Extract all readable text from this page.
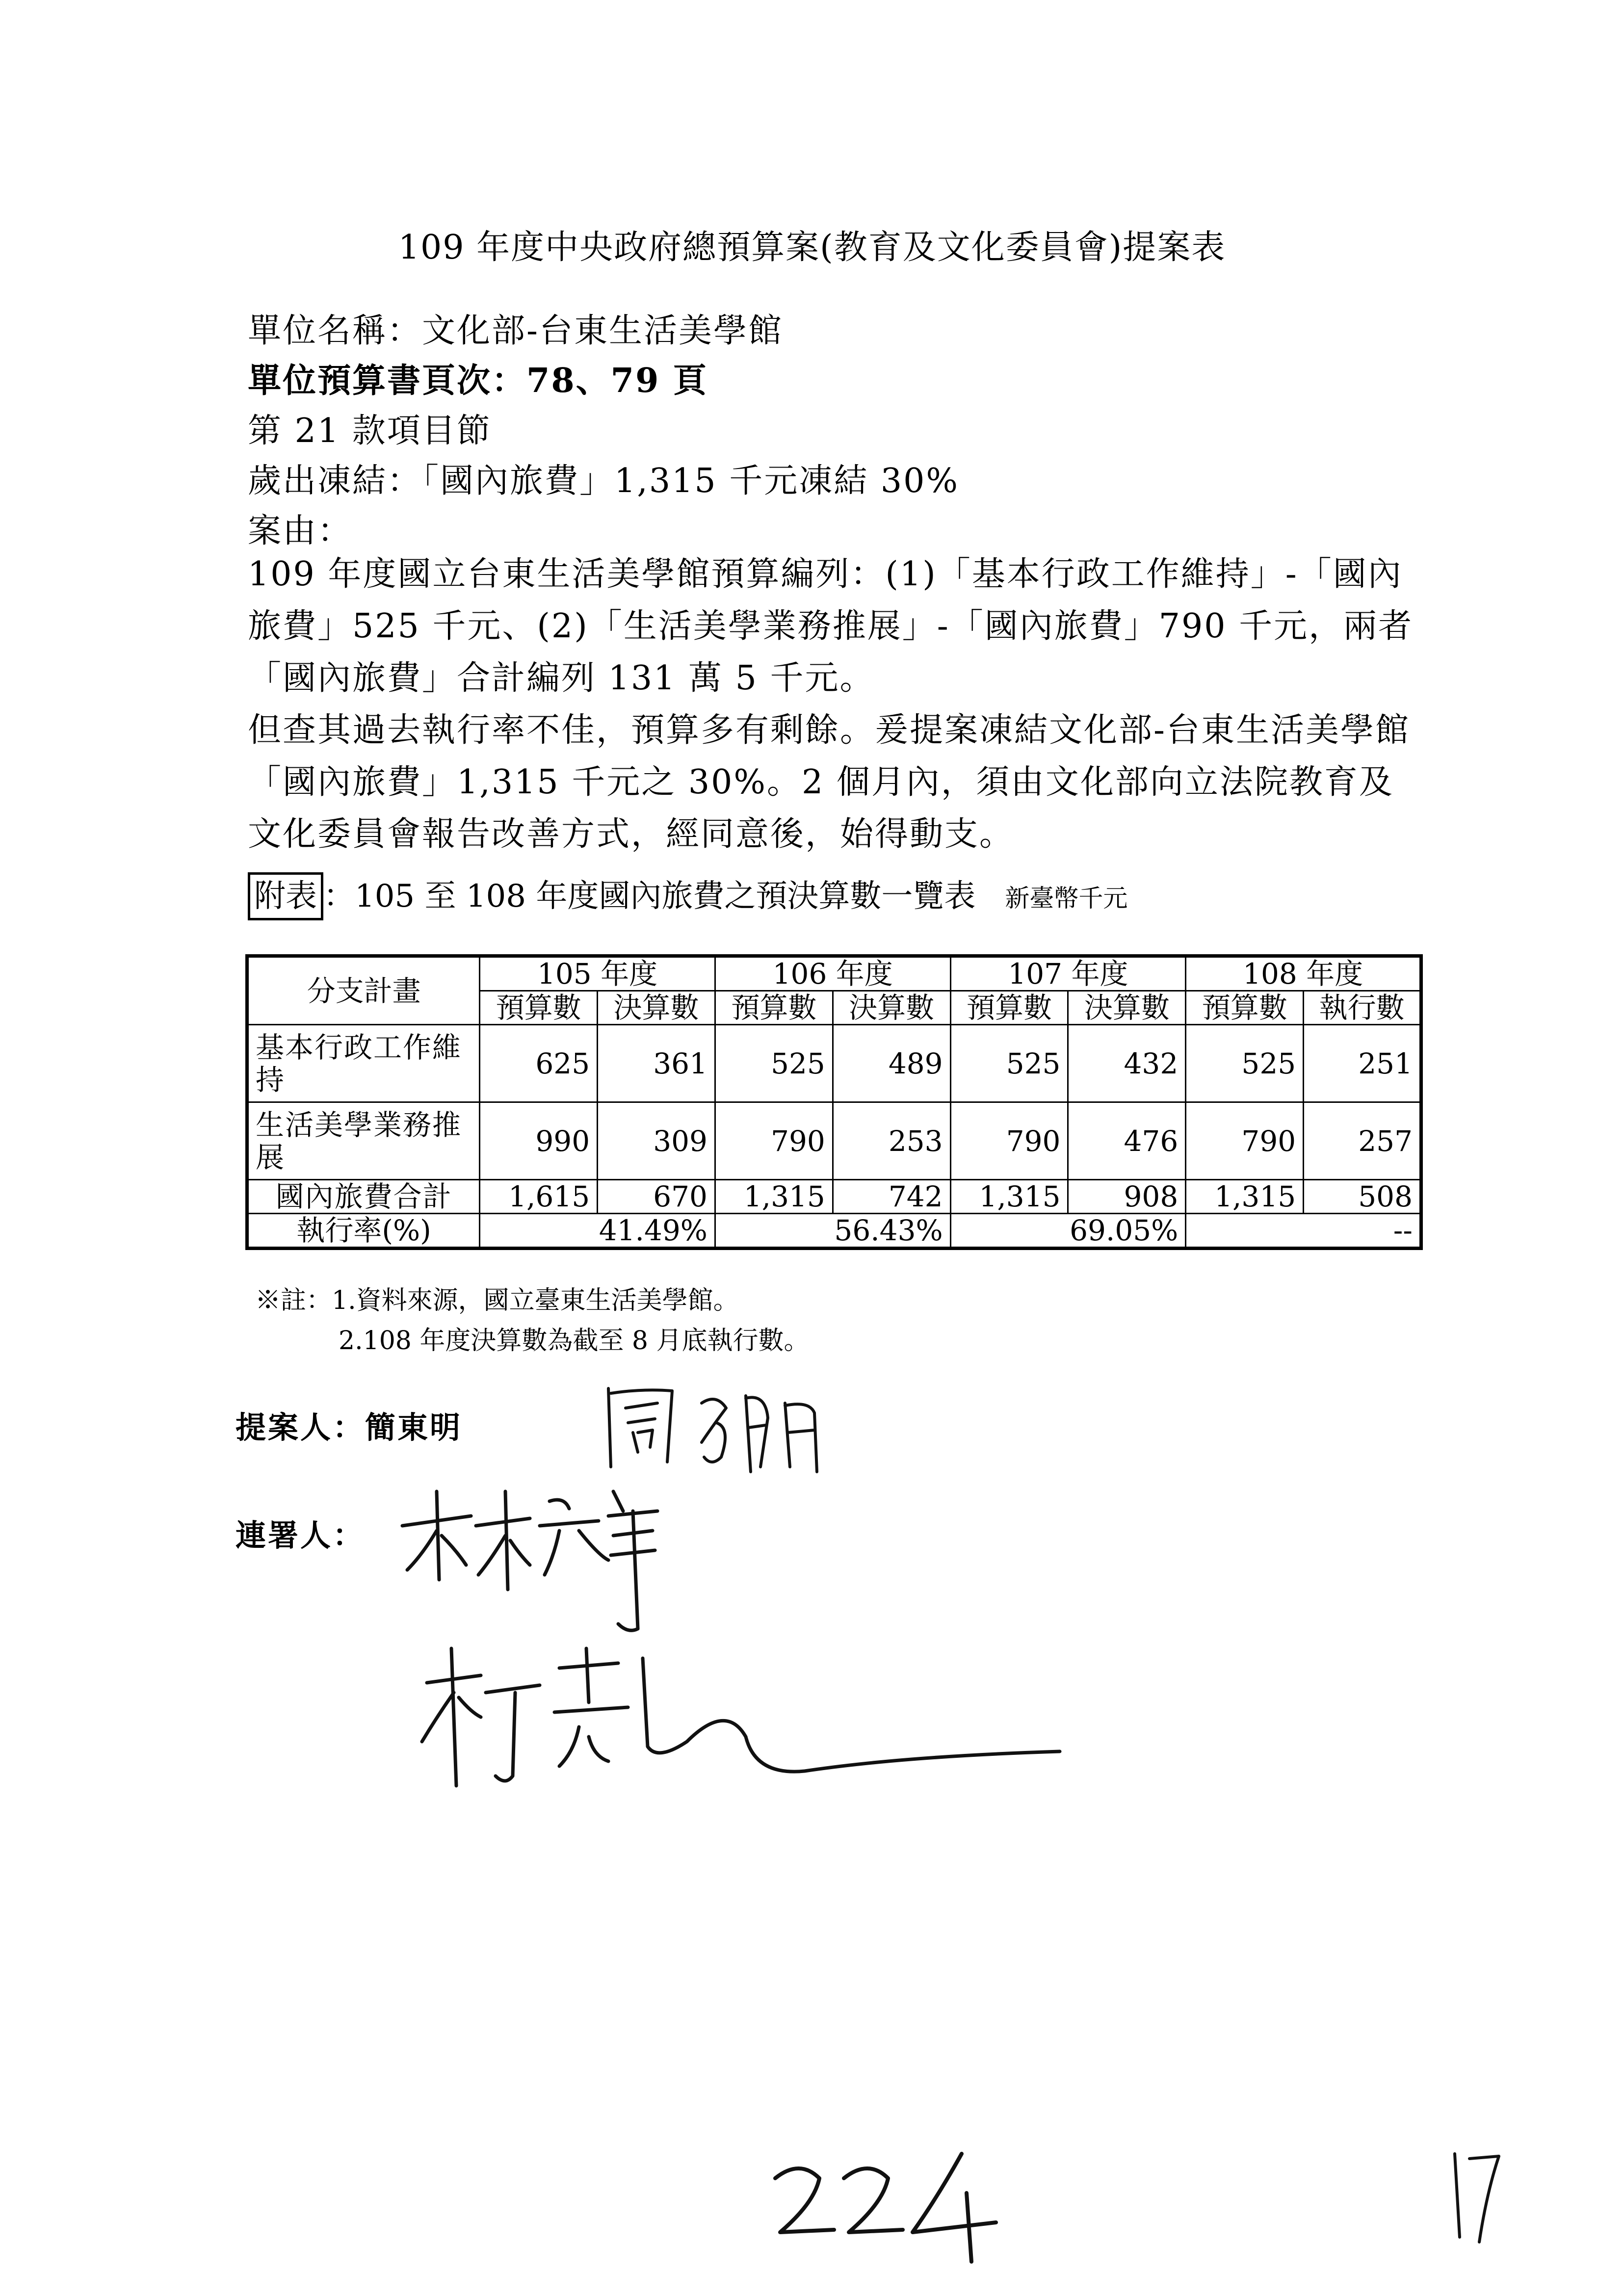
109 年度中央政府總預算案(教育及文化委員會)提案表
單位名稱：文化部-台東生活美學館
單位預算書頁次：78、79 頁
第 21 款項目節
歲出凍結：「國內旅費」1,315 千元凍結 30%
案由：

109 年度國立台東生活美學館預算編列：(1)「基本行政工作維持」-「國內旅費」525 千元、(2)「生活美學業務推展」-「國內旅費」790 千元，兩者「國內旅費」合計編列 131 萬 5 千元。

但查其過去執行率不佳，預算多有剩餘。爰提案凍結文化部-台東生活美學館「國內旅費」1,315 千元之 30%。2 個月內，須由文化部向立法院教育及文化委員會報告改善方式，經同意後，始得動支。

附表 ：105 至 108 年度國內旅費之預決算數一覽表 新臺幣千元
分支計畫	105 年度		106 年度		107 年度		108 年度	
	預算數	決算數	預算數	決算數	預算數	決算數	預算數	執行數
基本行政工作維持	625	361	525	489	525	432	525	251
生活美學業務推展	990	309	790	253	790	476	790	257
國內旅費合計	1,615	670	1,315	742	1,315	908	1,315	508
執行率(%)	41.49%		56.43%		69.05%		--	
※註：1.資料來源，國立臺東生活美學館。
2.108 年度決算數為截至 8 月底執行數。
提案人：簡東明
連署人：
